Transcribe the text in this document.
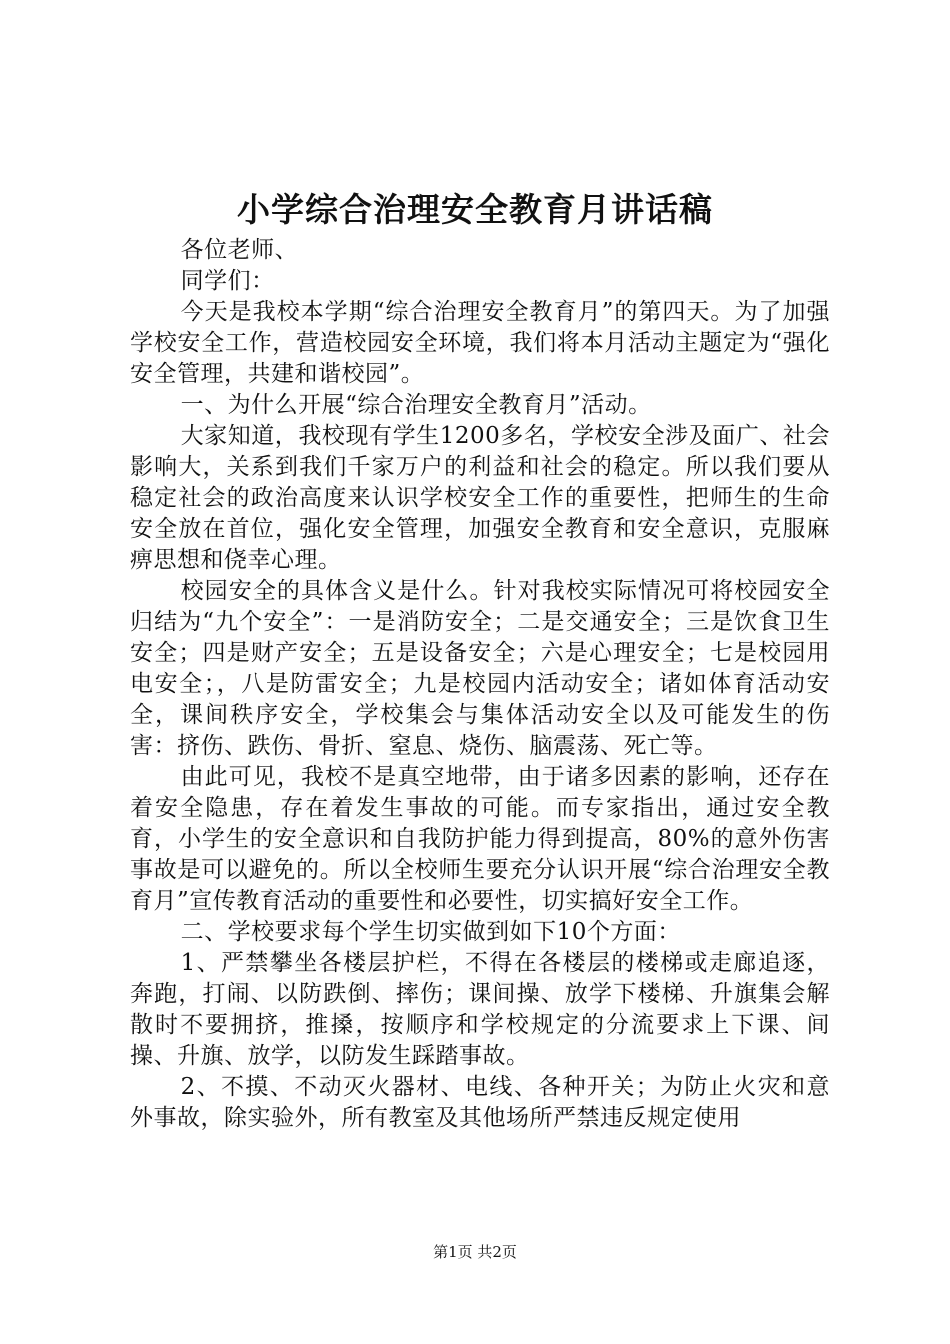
小学综合治理安全教育月讲话稿

各位老师、

同学们：

今天是我校本学期“综合治理安全教育月”的第四天。为了加强学校安全工作，营造校园安全环境，我们将本月活动主题定为“强化安全管理，共建和谐校园”。

一、为什么开展“综合治理安全教育月”活动。

大家知道，我校现有学生1200多名，学校安全涉及面广、社会影响大，关系到我们千家万户的利益和社会的稳定。所以我们要从稳定社会的政治高度来认识学校安全工作的重要性，把师生的生命安全放在首位，强化安全管理，加强安全教育和安全意识，克服麻痹思想和侥幸心理。

校园安全的具体含义是什么。针对我校实际情况可将校园安全归结为“九个安全”：一是消防安全；二是交通安全；三是饮食卫生安全；四是财产安全；五是设备安全；六是心理安全；七是校园用电安全；，八是防雷安全；九是校园内活动安全；诸如体育活动安全，课间秩序安全，学校集会与集体活动安全以及可能发生的伤害：挤伤、跌伤、骨折、窒息、烧伤、脑震荡、死亡等。

由此可见，我校不是真空地带，由于诸多因素的影响，还存在着安全隐患，存在着发生事故的可能。而专家指出，通过安全教育，小学生的安全意识和自我防护能力得到提高，80%的意外伤害事故是可以避免的。所以全校师生要充分认识开展“综合治理安全教育月”宣传教育活动的重要性和必要性，切实搞好安全工作。

二、学校要求每个学生切实做到如下10个方面：

1、严禁攀坐各楼层护栏，不得在各楼层的楼梯或走廊追逐，奔跑，打闹、以防跌倒、摔伤；课间操、放学下楼梯、升旗集会解散时不要拥挤，推搡，按顺序和学校规定的分流要求上下课、间操、升旗、放学，以防发生踩踏事故。

2、不摸、不动灭火器材、电线、各种开关；为防止火灾和意外事故，除实验外，所有教室及其他场所严禁违反规定使用

第1页 共2页
